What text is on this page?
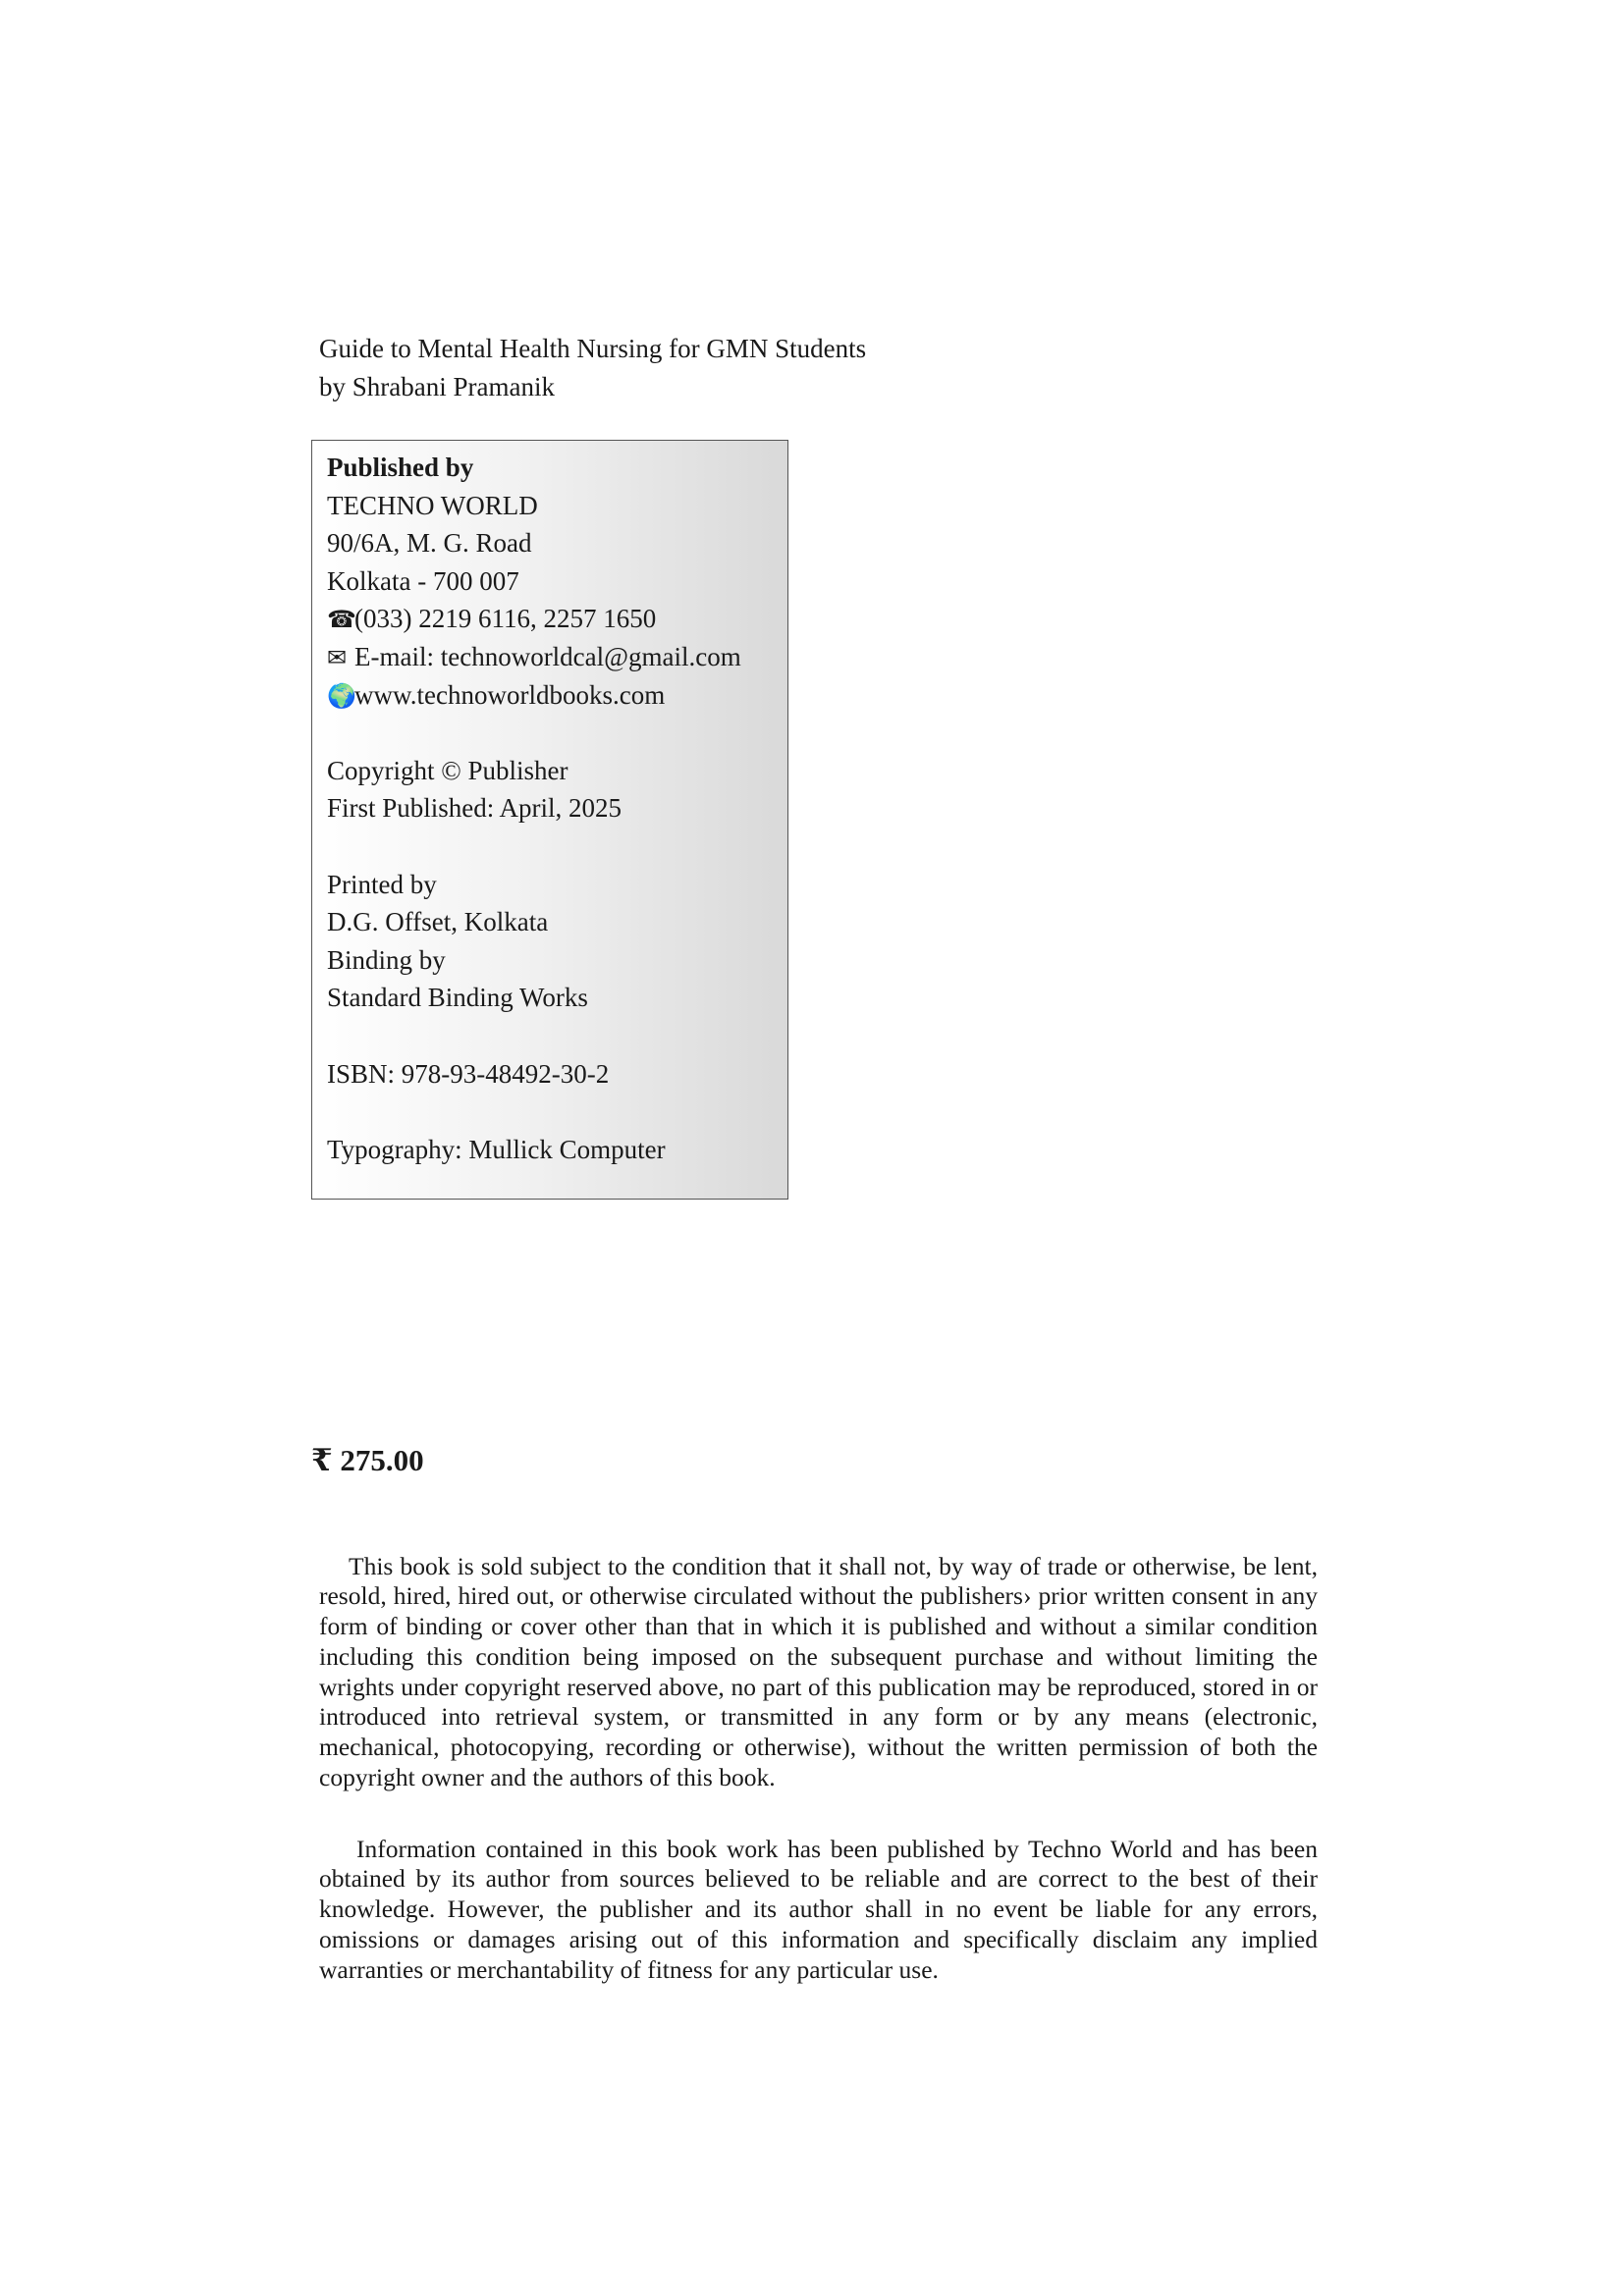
Guide to Mental Health Nursing for GMN Students
by Shrabani Pramanik
Published by
TECHNO WORLD
90/6A, M. G. Road
Kolkata - 700 007
☎(033) 2219 6116, 2257 1650
✉ E-mail: technoworldcal@gmail.com
🌍www.technoworldbooks.com
Copyright © Publisher
First Published: April, 2025
Printed by
D.G. Offset, Kolkata
Binding by
Standard Binding Works
ISBN: 978-93-48492-30-2
Typography: Mullick Computer
₹ 275.00

This book is sold subject to the condition that it shall not, by way of trade or otherwise, be lent, resold, hired, hired out, or otherwise circulated without the publishers› prior written consent in any form of binding or cover other than that in which it is published and without a similar condition including this condition being imposed on the subsequent purchase and without limiting the wrights under copyright reserved above, no part of this publication may be reproduced, stored in or introduced into retrieval system, or transmitted in any form or by any means (electronic, mechanical, photocopying, recording or otherwise), without the written permission of both the copyright owner and the authors of this book.

Information contained in this book work has been published by Techno World and has been obtained by its author from sources believed to be reliable and are correct to the best of their knowledge. However, the publisher and its author shall in no event be liable for any errors, omissions or damages arising out of this information and specifically disclaim any implied warranties or merchantability of fitness for any particular use.
